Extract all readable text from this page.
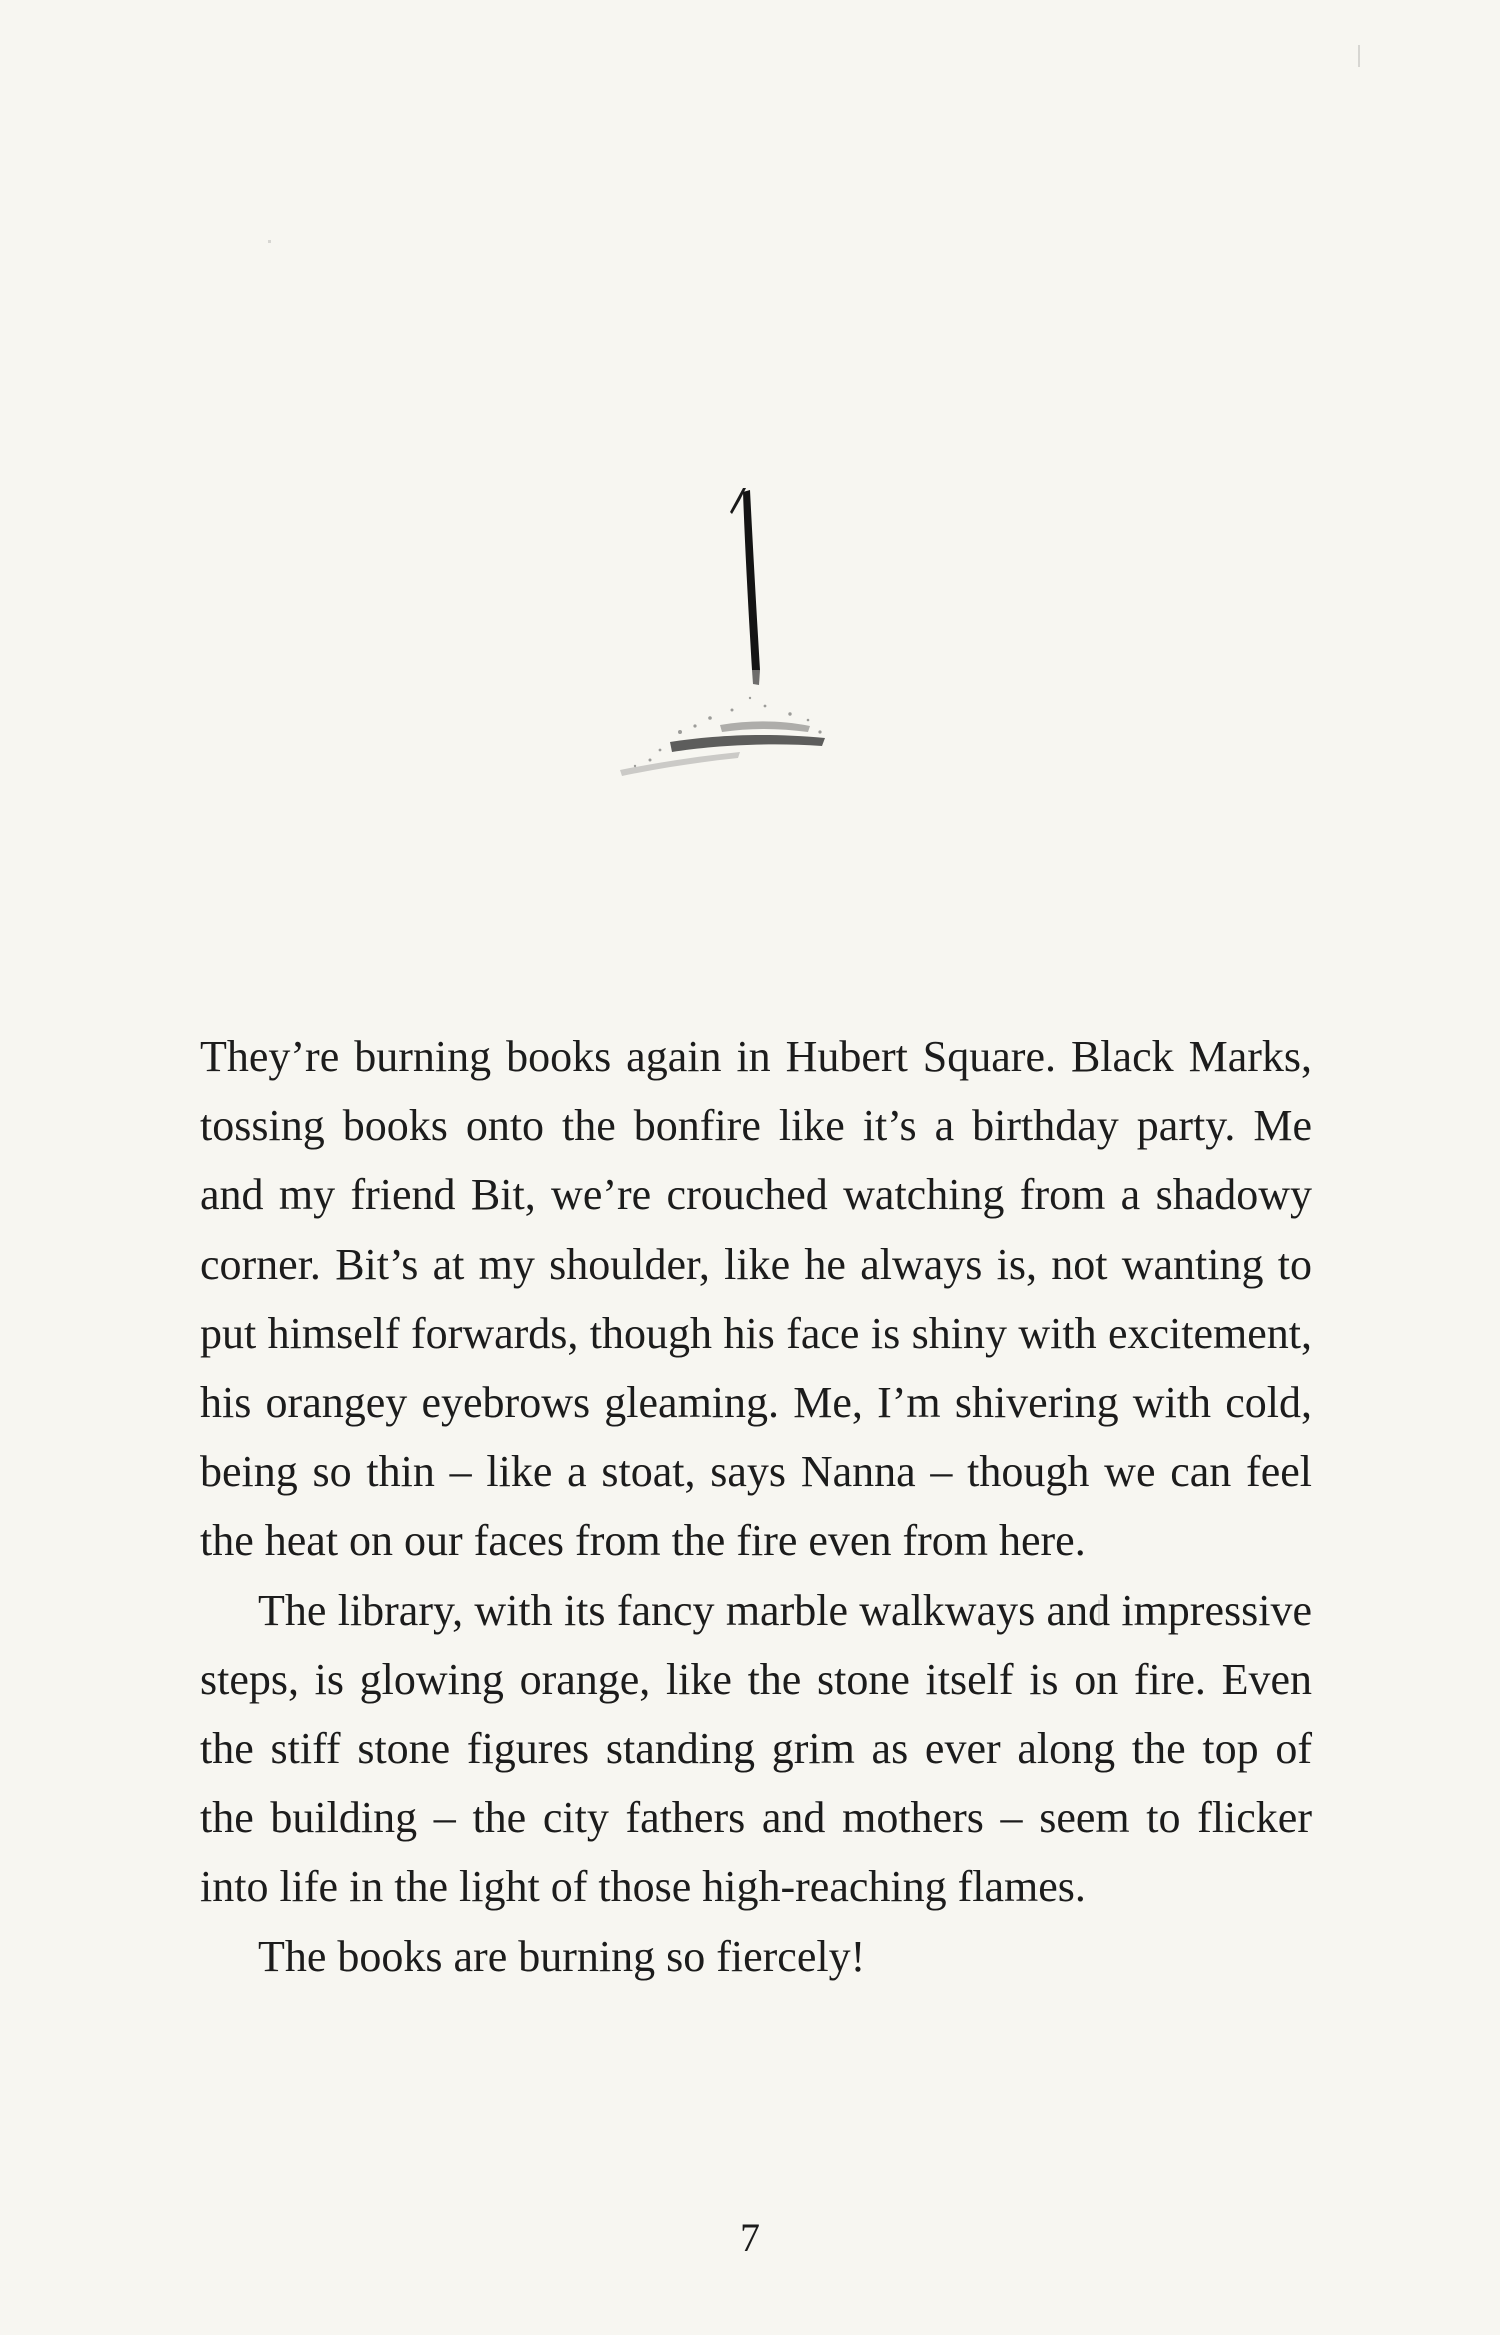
They’re burning books again in Hubert Square. Black Marks, tossing books onto the bonfire like it’s a birthday party. Me and my friend Bit, we’re crouched watching from a shadowy corner. Bit’s at my shoulder, like he always is, not wanting to put himself forwards, though his face is shiny with excitement, his orangey eyebrows gleaming. Me, I’m shivering with cold, being so thin – like a stoat, says Nanna – though we can feel the heat on our faces from the fire even from here.

The library, with its fancy marble walkways and impressive steps, is glowing orange, like the stone itself is on fire. Even the stiff stone figures standing grim as ever along the top of the building – the city fathers and mothers – seem to flicker into life in the light of those high-reaching flames.

The books are burning so fiercely!

7
